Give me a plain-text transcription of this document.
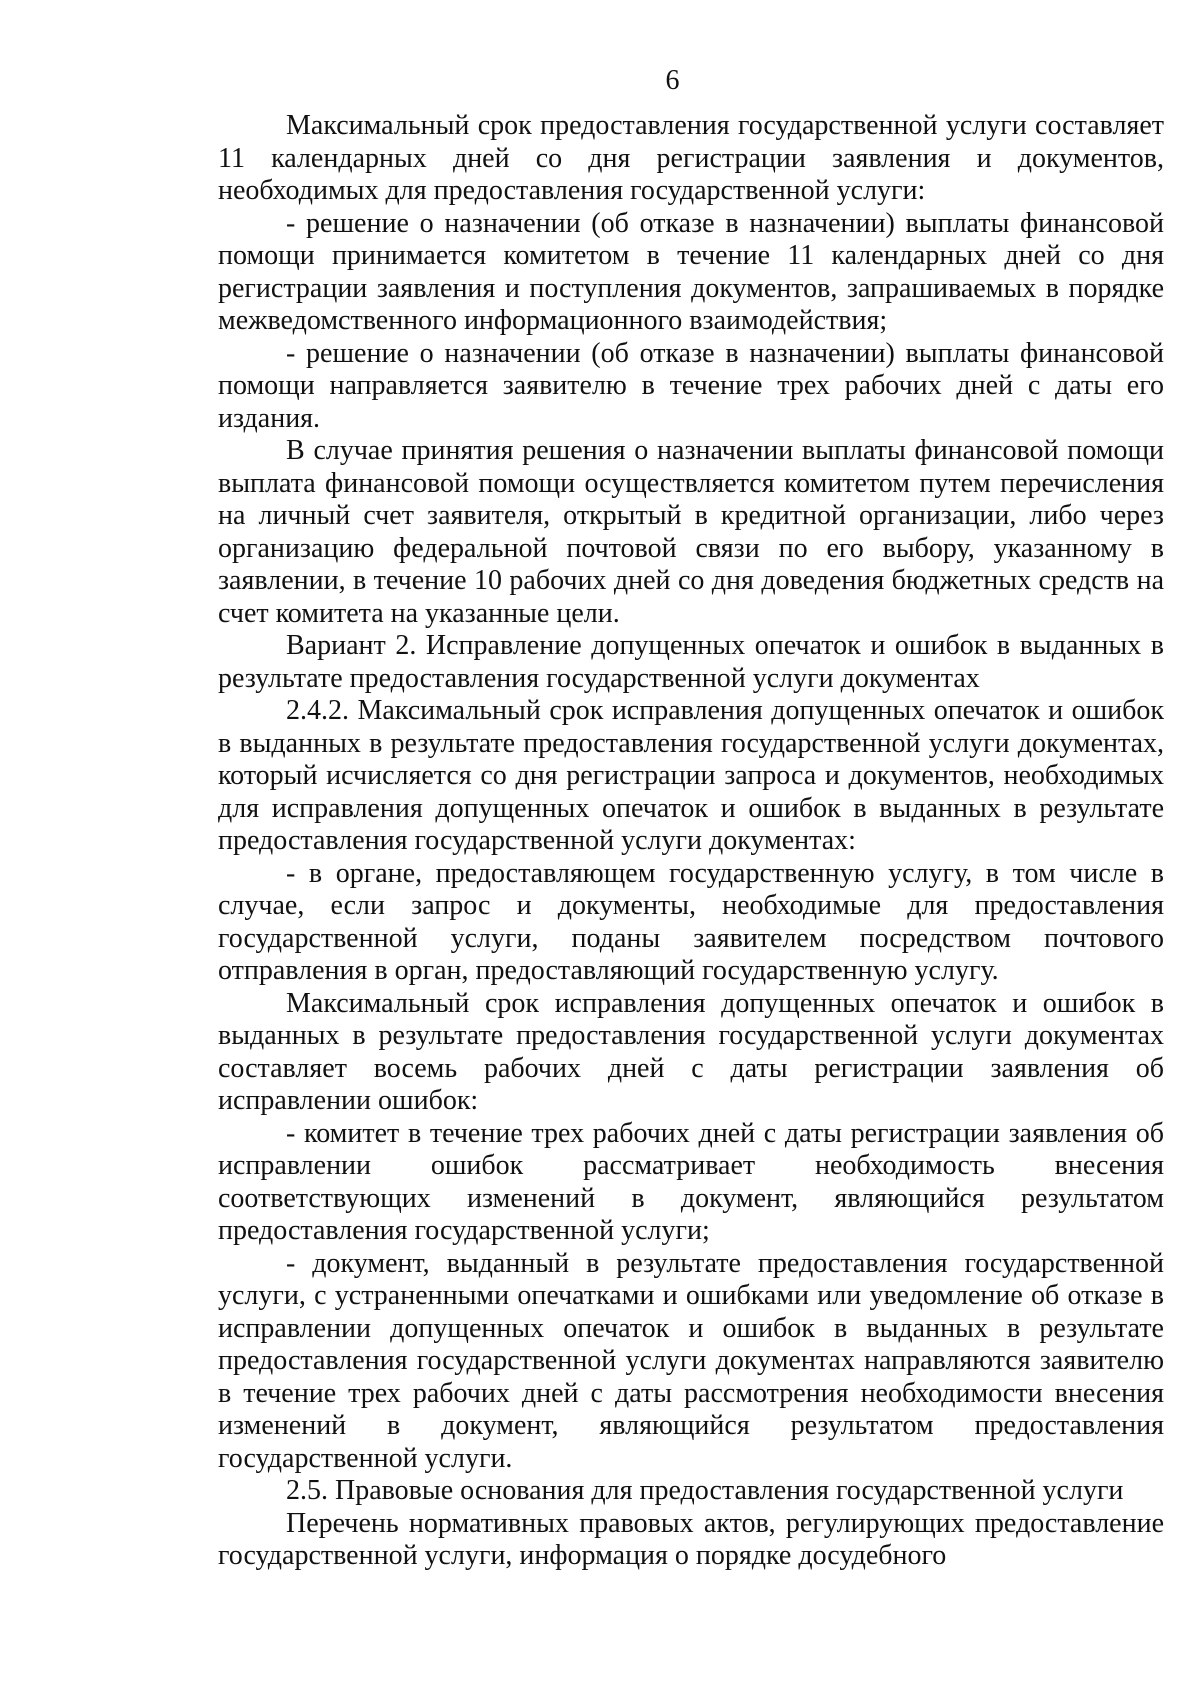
6

Максимальный срок предоставления государственной услуги составляет 11 календарных дней со дня регистрации заявления и документов, необходимых для предоставления государственной услуги:

- решение о назначении (об отказе в назначении) выплаты финансовой помощи принимается комитетом в течение 11 календарных дней со дня регистрации заявления и поступления документов, запрашиваемых в порядке межведомственного информационного взаимодействия;

- решение о назначении (об отказе в назначении) выплаты финансовой помощи направляется заявителю в течение трех рабочих дней с даты его издания.

В случае принятия решения о назначении выплаты финансовой помощи выплата финансовой помощи осуществляется комитетом путем перечисления на личный счет заявителя, открытый в кредитной организации, либо через организацию федеральной почтовой связи по его выбору, указанному в заявлении, в течение 10 рабочих дней со дня доведения бюджетных средств на счет комитета на указанные цели.

Вариант 2. Исправление допущенных опечаток и ошибок в выданных в результате предоставления государственной услуги документах

2.4.2. Максимальный срок исправления допущенных опечаток и ошибок в выданных в результате предоставления государственной услуги документах, который исчисляется со дня регистрации запроса и документов, необходимых для исправления допущенных опечаток и ошибок в выданных в результате предоставления государственной услуги документах:

- в органе, предоставляющем государственную услугу, в том числе в случае, если запрос и документы, необходимые для предоставления государственной услуги, поданы заявителем посредством почтового отправления в орган, предоставляющий государственную услугу.

Максимальный срок исправления допущенных опечаток и ошибок в выданных в результате предоставления государственной услуги документах составляет восемь рабочих дней с даты регистрации заявления об исправлении ошибок:

- комитет в течение трех рабочих дней с даты регистрации заявления об исправлении ошибок рассматривает необходимость внесения соответствующих изменений в документ, являющийся результатом предоставления государственной услуги;

- документ, выданный в результате предоставления государственной услуги, с устраненными опечатками и ошибками или уведомление об отказе в исправлении допущенных опечаток и ошибок в выданных в результате предоставления государственной услуги документах направляются заявителю в течение трех рабочих дней с даты рассмотрения необходимости внесения изменений в документ, являющийся результатом предоставления государственной услуги.

2.5. Правовые основания для предоставления государственной услуги

Перечень нормативных правовых актов, регулирующих предоставление государственной услуги, информация о порядке досудебного
